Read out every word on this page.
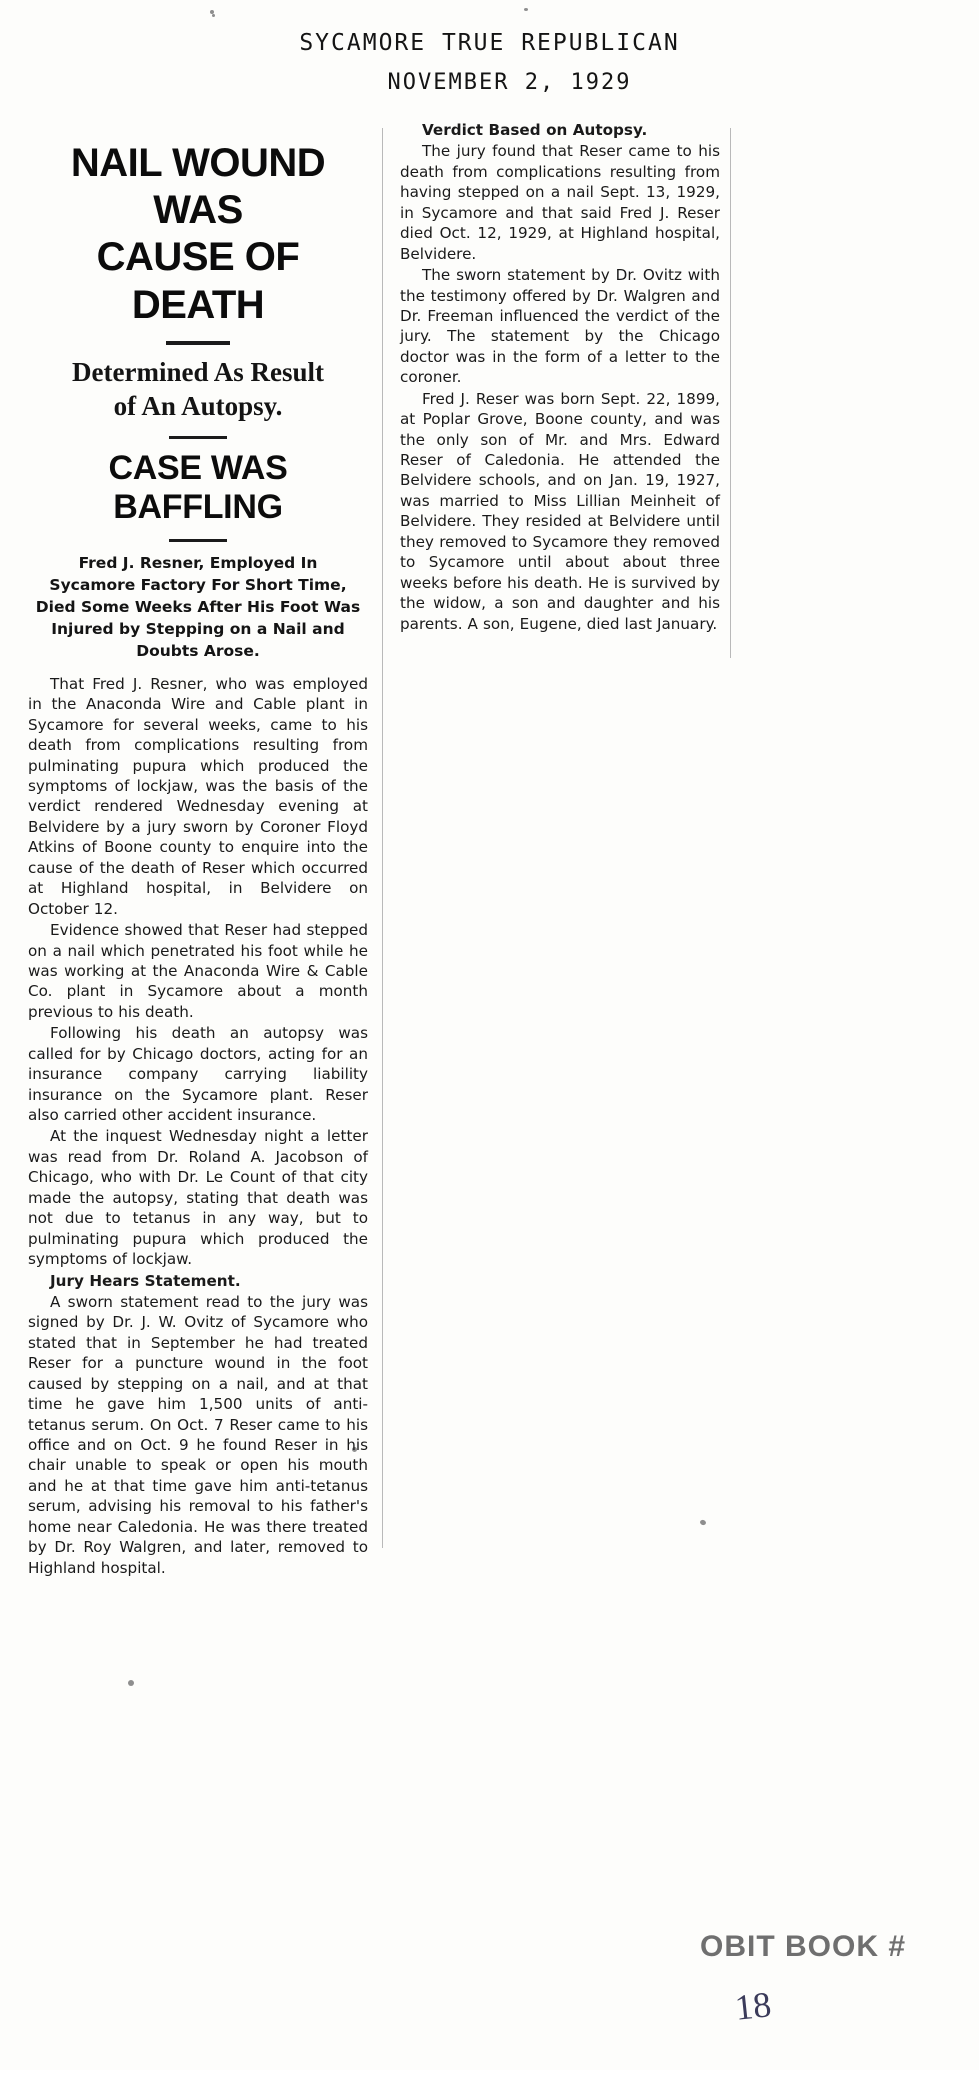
SYCAMORE TRUE REPUBLICAN
NOVEMBER 2, 1929
NAIL WOUND WAS
CAUSE OF DEATH
Determined As Result
of An Autopsy.
CASE WAS BAFFLING

Fred J. Resner, Employed In Sycamore Factory For Short Time, Died Some Weeks After His Foot Was Injured by Stepping on a Nail and Doubts Arose.

That Fred J. Resner, who was employed in the Anaconda Wire and Cable plant in Sycamore for several weeks, came to his death from complications resulting from pulminating pupura which produced the symptoms of lockjaw, was the basis of the verdict rendered Wednesday evening at Belvidere by a jury sworn by Coroner Floyd Atkins of Boone county to enquire into the cause of the death of Reser which occurred at Highland hospital, in Belvidere on October 12.

Evidence showed that Reser had stepped on a nail which penetrated his foot while he was working at the Anaconda Wire & Cable Co. plant in Sycamore about a month previous to his death.

Following his death an autopsy was called for by Chicago doctors, acting for an insurance company carrying liability insurance on the Sycamore plant. Reser also carried other accident insurance.

At the inquest Wednesday night a letter was read from Dr. Roland A. Jacobson of Chicago, who with Dr. Le Count of that city made the autopsy, stating that death was not due to tetanus in any way, but to pulminating pupura which produced the symptoms of lockjaw.

Jury Hears Statement.

A sworn statement read to the jury was signed by Dr. J. W. Ovitz of Sycamore who stated that in September he had treated Reser for a puncture wound in the foot caused by stepping on a nail, and at that time he gave him 1,500 units of anti-tetanus serum. On Oct. 7 Reser came to his office and on Oct. 9 he found Reser in his chair unable to speak or open his mouth and he at that time gave him anti-tetanus serum, advising his removal to his father's home near Caledonia. He was there treated by Dr. Roy Walgren, and later, removed to Highland hospital.

Verdict Based on Autopsy.

The jury found that Reser came to his death from complications resulting from having stepped on a nail Sept. 13, 1929, in Sycamore and that said Fred J. Reser died Oct. 12, 1929, at Highland hospital, Belvidere.

The sworn statement by Dr. Ovitz with the testimony offered by Dr. Walgren and Dr. Freeman influenced the verdict of the jury. The statement by the Chicago doctor was in the form of a letter to the coroner.

Fred J. Reser was born Sept. 22, 1899, at Poplar Grove, Boone county, and was the only son of Mr. and Mrs. Edward Reser of Caledonia. He attended the Belvidere schools, and on Jan. 19, 1927, was married to Miss Lillian Meinheit of Belvidere. They resided at Belvidere until they removed to Sycamore they removed to Sycamore until about about three weeks before his death. He is survived by the widow, a son and daughter and his parents. A son, Eugene, died last January.

OBIT BOOK #
18
